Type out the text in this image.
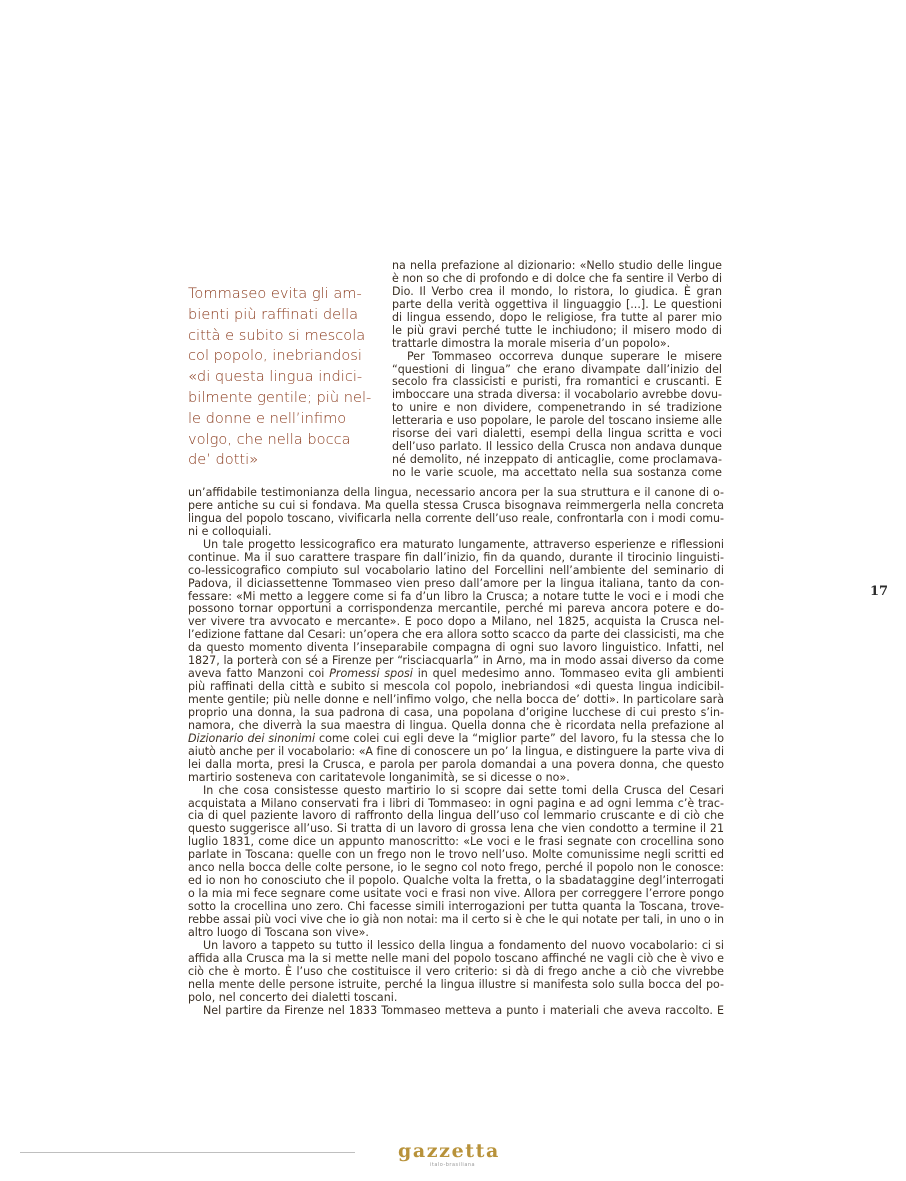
Tommaseo evita gli am-
bienti più raffinati della
città e subito si mescola
col popolo, inebriandosi
«di questa lingua indici-
bilmente gentile; più nel-
le donne e nell’infimo
volgo, che nella bocca
de’ dotti»
na nella prefazione al dizionario: «Nello studio delle lingue
è non so che di profondo e di dolce che fa sentire il Verbo di
Dio. Il Verbo crea il mondo, lo ristora, lo giudica. È gran
parte della verità oggettiva il linguaggio [...]. Le questioni
di lingua essendo, dopo le religiose, fra tutte al parer mio
le più gravi perché tutte le inchiudono; il misero modo di
trattarle dimostra la morale miseria d’un popolo».
Per Tommaseo occorreva dunque superare le misere
“questioni di lingua” che erano divampate dall’inizio del
secolo fra classicisti e puristi, fra romantici e cruscanti. E
imboccare una strada diversa: il vocabolario avrebbe dovu-
to unire e non dividere, compenetrando in sé tradizione
letteraria e uso popolare, le parole del toscano insieme alle
risorse dei vari dialetti, esempi della lingua scritta e voci
dell’uso parlato. Il lessico della Crusca non andava dunque
né demolito, né inzeppato di anticaglie, come proclamava-
no le varie scuole, ma accettato nella sua sostanza come
un’affidabile testimonianza della lingua, necessario ancora per la sua struttura e il canone di o-
pere antiche su cui si fondava. Ma quella stessa Crusca bisognava reimmergerla nella concreta
lingua del popolo toscano, vivificarla nella corrente dell’uso reale, confrontarla con i modi comu-
ni e colloquiali.
Un tale progetto lessicografico era maturato lungamente, attraverso esperienze e riflessioni
continue. Ma il suo carattere traspare fin dall’inizio, fin da quando, durante il tirocinio linguisti-
co-lessicografico compiuto sul vocabolario latino del Forcellini nell’ambiente del seminario di
Padova, il diciassettenne Tommaseo vien preso dall’amore per la lingua italiana, tanto da con-
fessare: «Mi metto a leggere come si fa d’un libro la Crusca; a notare tutte le voci e i modi che
possono tornar opportuni a corrispondenza mercantile, perché mi pareva ancora potere e do-
ver vivere tra avvocato e mercante». E poco dopo a Milano, nel 1825, acquista la Crusca nel-
l’edizione fattane dal Cesari: un’opera che era allora sotto scacco da parte dei classicisti, ma che
da questo momento diventa l’inseparabile compagna di ogni suo lavoro linguistico. Infatti, nel
1827, la porterà con sé a Firenze per “risciacquarla” in Arno, ma in modo assai diverso da come
aveva fatto Manzoni coi Promessi sposi in quel medesimo anno. Tommaseo evita gli ambienti
più raffinati della città e subito si mescola col popolo, inebriandosi «di questa lingua indicibil-
mente gentile; più nelle donne e nell’infimo volgo, che nella bocca de’ dotti». In particolare sarà
proprio una donna, la sua padrona di casa, una popolana d’origine lucchese di cui presto s’in-
namora, che diverrà la sua maestra di lingua. Quella donna che è ricordata nella prefazione al
Dizionario dei sinonimi come colei cui egli deve la “miglior parte” del lavoro, fu la stessa che lo
aiutò anche per il vocabolario: «A fine di conoscere un po’ la lingua, e distinguere la parte viva di
lei dalla morta, presi la Crusca, e parola per parola domandai a una povera donna, che questo
martirio sosteneva con caritatevole longanimità, se si dicesse o no».
In che cosa consistesse questo martirio lo si scopre dai sette tomi della Crusca del Cesari
acquistata a Milano conservati fra i libri di Tommaseo: in ogni pagina e ad ogni lemma c’è trac-
cia di quel paziente lavoro di raffronto della lingua dell’uso col lemmario cruscante e di ciò che
questo suggerisce all’uso. Si tratta di un lavoro di grossa lena che vien condotto a termine il 21
luglio 1831, come dice un appunto manoscritto: «Le voci e le frasi segnate con crocellina sono
parlate in Toscana: quelle con un frego non le trovo nell’uso. Molte comunissime negli scritti ed
anco nella bocca delle colte persone, io le segno col noto frego, perché il popolo non le conosce:
ed io non ho conosciuto che il popolo. Qualche volta la fretta, o la sbadataggine degl’interrogati
o la mia mi fece segnare come usitate voci e frasi non vive. Allora per correggere l’errore pongo
sotto la crocellina uno zero. Chi facesse simili interrogazioni per tutta quanta la Toscana, trove-
rebbe assai più voci vive che io già non notai: ma il certo si è che le qui notate per tali, in uno o in
altro luogo di Toscana son vive».
Un lavoro a tappeto su tutto il lessico della lingua a fondamento del nuovo vocabolario: ci si
affida alla Crusca ma la si mette nelle mani del popolo toscano affinché ne vagli ciò che è vivo e
ciò che è morto. È l’uso che costituisce il vero criterio: si dà di frego anche a ciò che vivrebbe
nella mente delle persone istruite, perché la lingua illustre si manifesta solo sulla bocca del po-
polo, nel concerto dei dialetti toscani.
Nel partire da Firenze nel 1833 Tommaseo metteva a punto i materiali che aveva raccolto. E
17
gazzetta
italo-brasiliana
